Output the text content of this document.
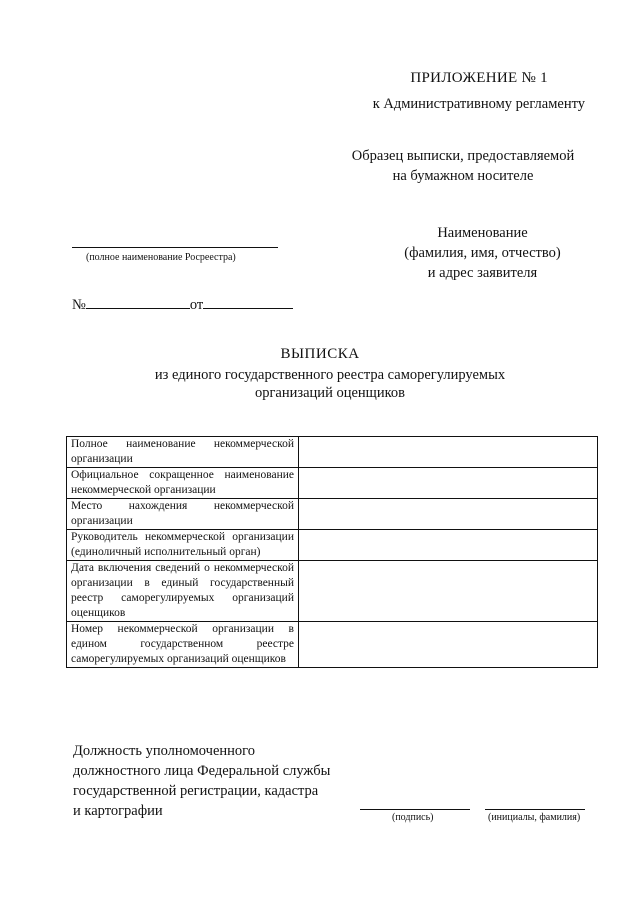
ПРИЛОЖЕНИЕ № 1
к Административному регламенту
Образец выписки, предоставляемой
на бумажном носителе
Наименование
(фамилия, имя, отчество)
и адрес заявителя
(полное наименование Росреестра)
№	от
ВЫПИСКА
из единого государственного реестра саморегулируемых организаций оценщиков
Полное наименование некоммерческой организации	
Официальное сокращенное наименование некоммерческой организации	
Место нахождения некоммерческой организации	
Руководитель некоммерческой организации (единоличный исполнительный орган)	
Дата включения сведений о некоммерческой организации в единый государственный реестр саморегулируемых организаций оценщиков	
Номер некоммерческой организации в едином государственном реестре саморегулируемых организаций оценщиков	
Должность уполномоченного
должностного лица Федеральной службы
государственной регистрации, кадастра
и картографии	(подпись)	(инициалы, фамилия)
